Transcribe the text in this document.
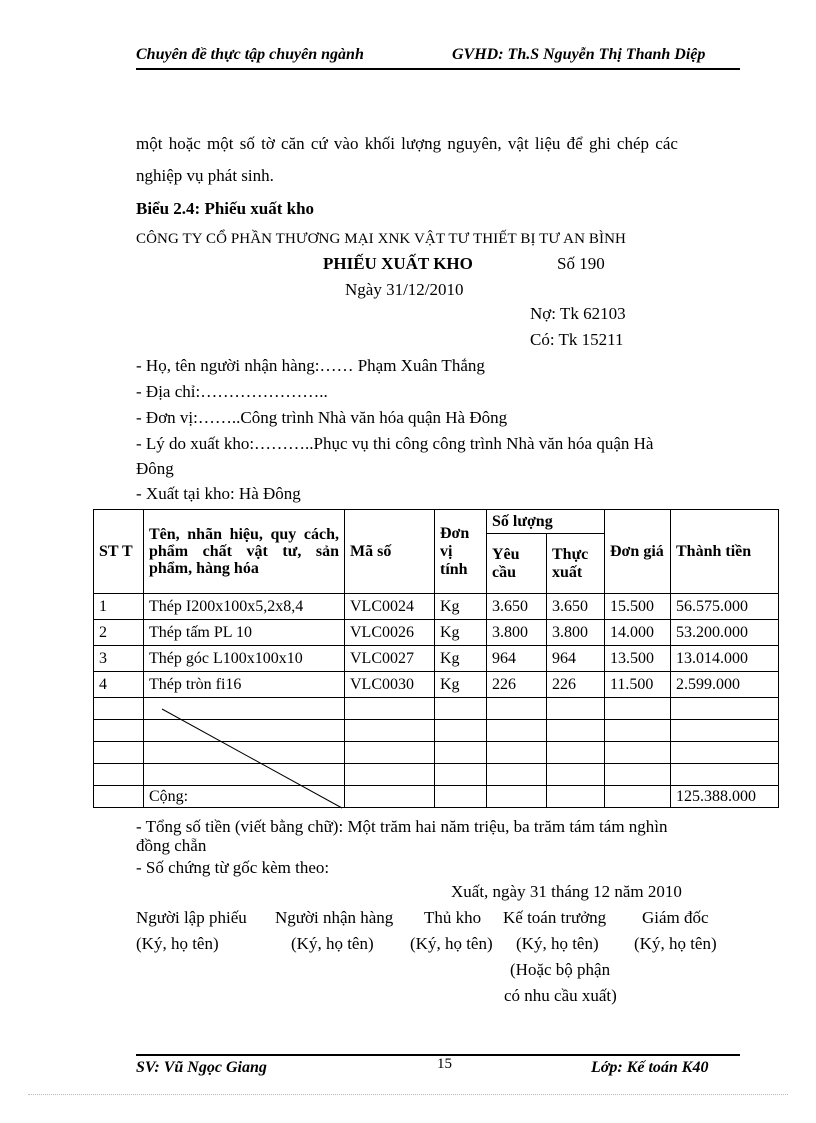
Chuyên đề thực tập chuyên ngành	GVHD: Th.S Nguyễn Thị Thanh Diệp
một hoặc một số tờ căn cứ vào khối lượng nguyên, vật liệu để ghi chép các
nghiệp vụ phát sinh.
Biểu 2.4: Phiếu xuất kho
CÔNG TY CỔ PHẦN THƯƠNG MẠI XNK VẬT TƯ THIẾT BỊ TƯ AN BÌNH
PHIẾU XUẤT KHO	Số 190
Ngày 31/12/2010
Nợ: Tk 62103
Có: Tk 15211
- Họ, tên người nhận hàng:…… Phạm Xuân Thắng
- Địa chỉ:…………………..
- Đơn vị:……..Công trình Nhà văn hóa quận Hà Đông
- Lý do xuất kho:………..Phục vụ thi công công trình Nhà văn hóa quận Hà
Đông
- Xuất tại kho: Hà Đông
ST T	Tên, nhãn hiệu, quy cách, phẩm chất vật tư, sản phẩm, hàng hóa	Mã số	Đơn vị tính	Số lượng		Đơn giá	Thành tiền
				Yêu cầu	Thực xuất		
1	Thép I200x100x5,2x8,4	VLC0024	Kg	3.650	3.650	15.500	56.575.000
2	Thép tấm PL 10	VLC0026	Kg	3.800	3.800	14.000	53.200.000
3	Thép góc L100x100x10	VLC0027	Kg	964	964	13.500	13.014.000
4	Thép tròn fi16	VLC0030	Kg	226	226	11.500	2.599.000

	Cộng:						125.388.000
- Tổng số tiền (viết bằng chữ): Một trăm hai năm triệu, ba trăm tám tám nghìn
đồng chẵn
- Số chứng từ gốc kèm theo:
Xuất, ngày 31 tháng 12 năm 2010
Người lập phiếu
(Ký, họ tên)
Người nhận hàng
(Ký, họ tên)
Thủ kho
(Ký, họ tên)
Kế toán trưởng
(Ký, họ tên)
(Hoặc bộ phận
có nhu cầu xuất)
Giám đốc
(Ký, họ tên)
SV: Vũ Ngọc Giang	15	Lớp: Kế toán K40
